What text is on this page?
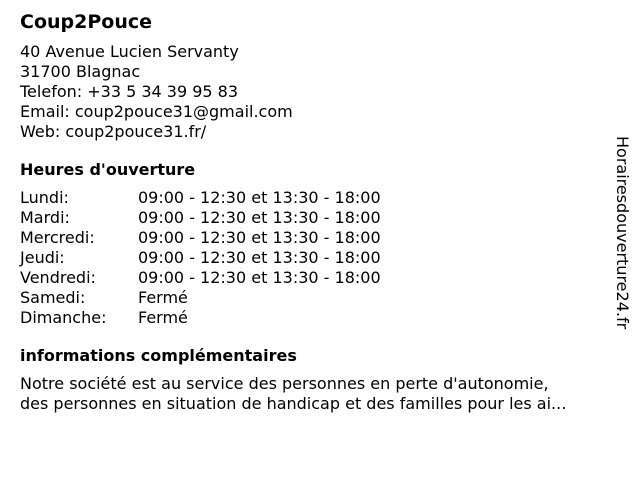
Coup2Pouce
40 Avenue Lucien Servanty
31700 Blagnac
Telefon: +33 5 34 39 95 83
Email: coup2pouce31@gmail.com
Web: coup2pouce31.fr/
Heures d'ouverture
Lundi:	09:00 - 12:30 et 13:30 - 18:00
Mardi:	09:00 - 12:30 et 13:30 - 18:00
Mercredi:	09:00 - 12:30 et 13:30 - 18:00
Jeudi:	09:00 - 12:30 et 13:30 - 18:00
Vendredi:	09:00 - 12:30 et 13:30 - 18:00
Samedi:	Fermé
Dimanche:	Fermé
informations complémentaires
Notre société est au service des personnes en perte d'autonomie,
des personnes en situation de handicap et des familles pour les ai...
Horairesdouverture24.fr
